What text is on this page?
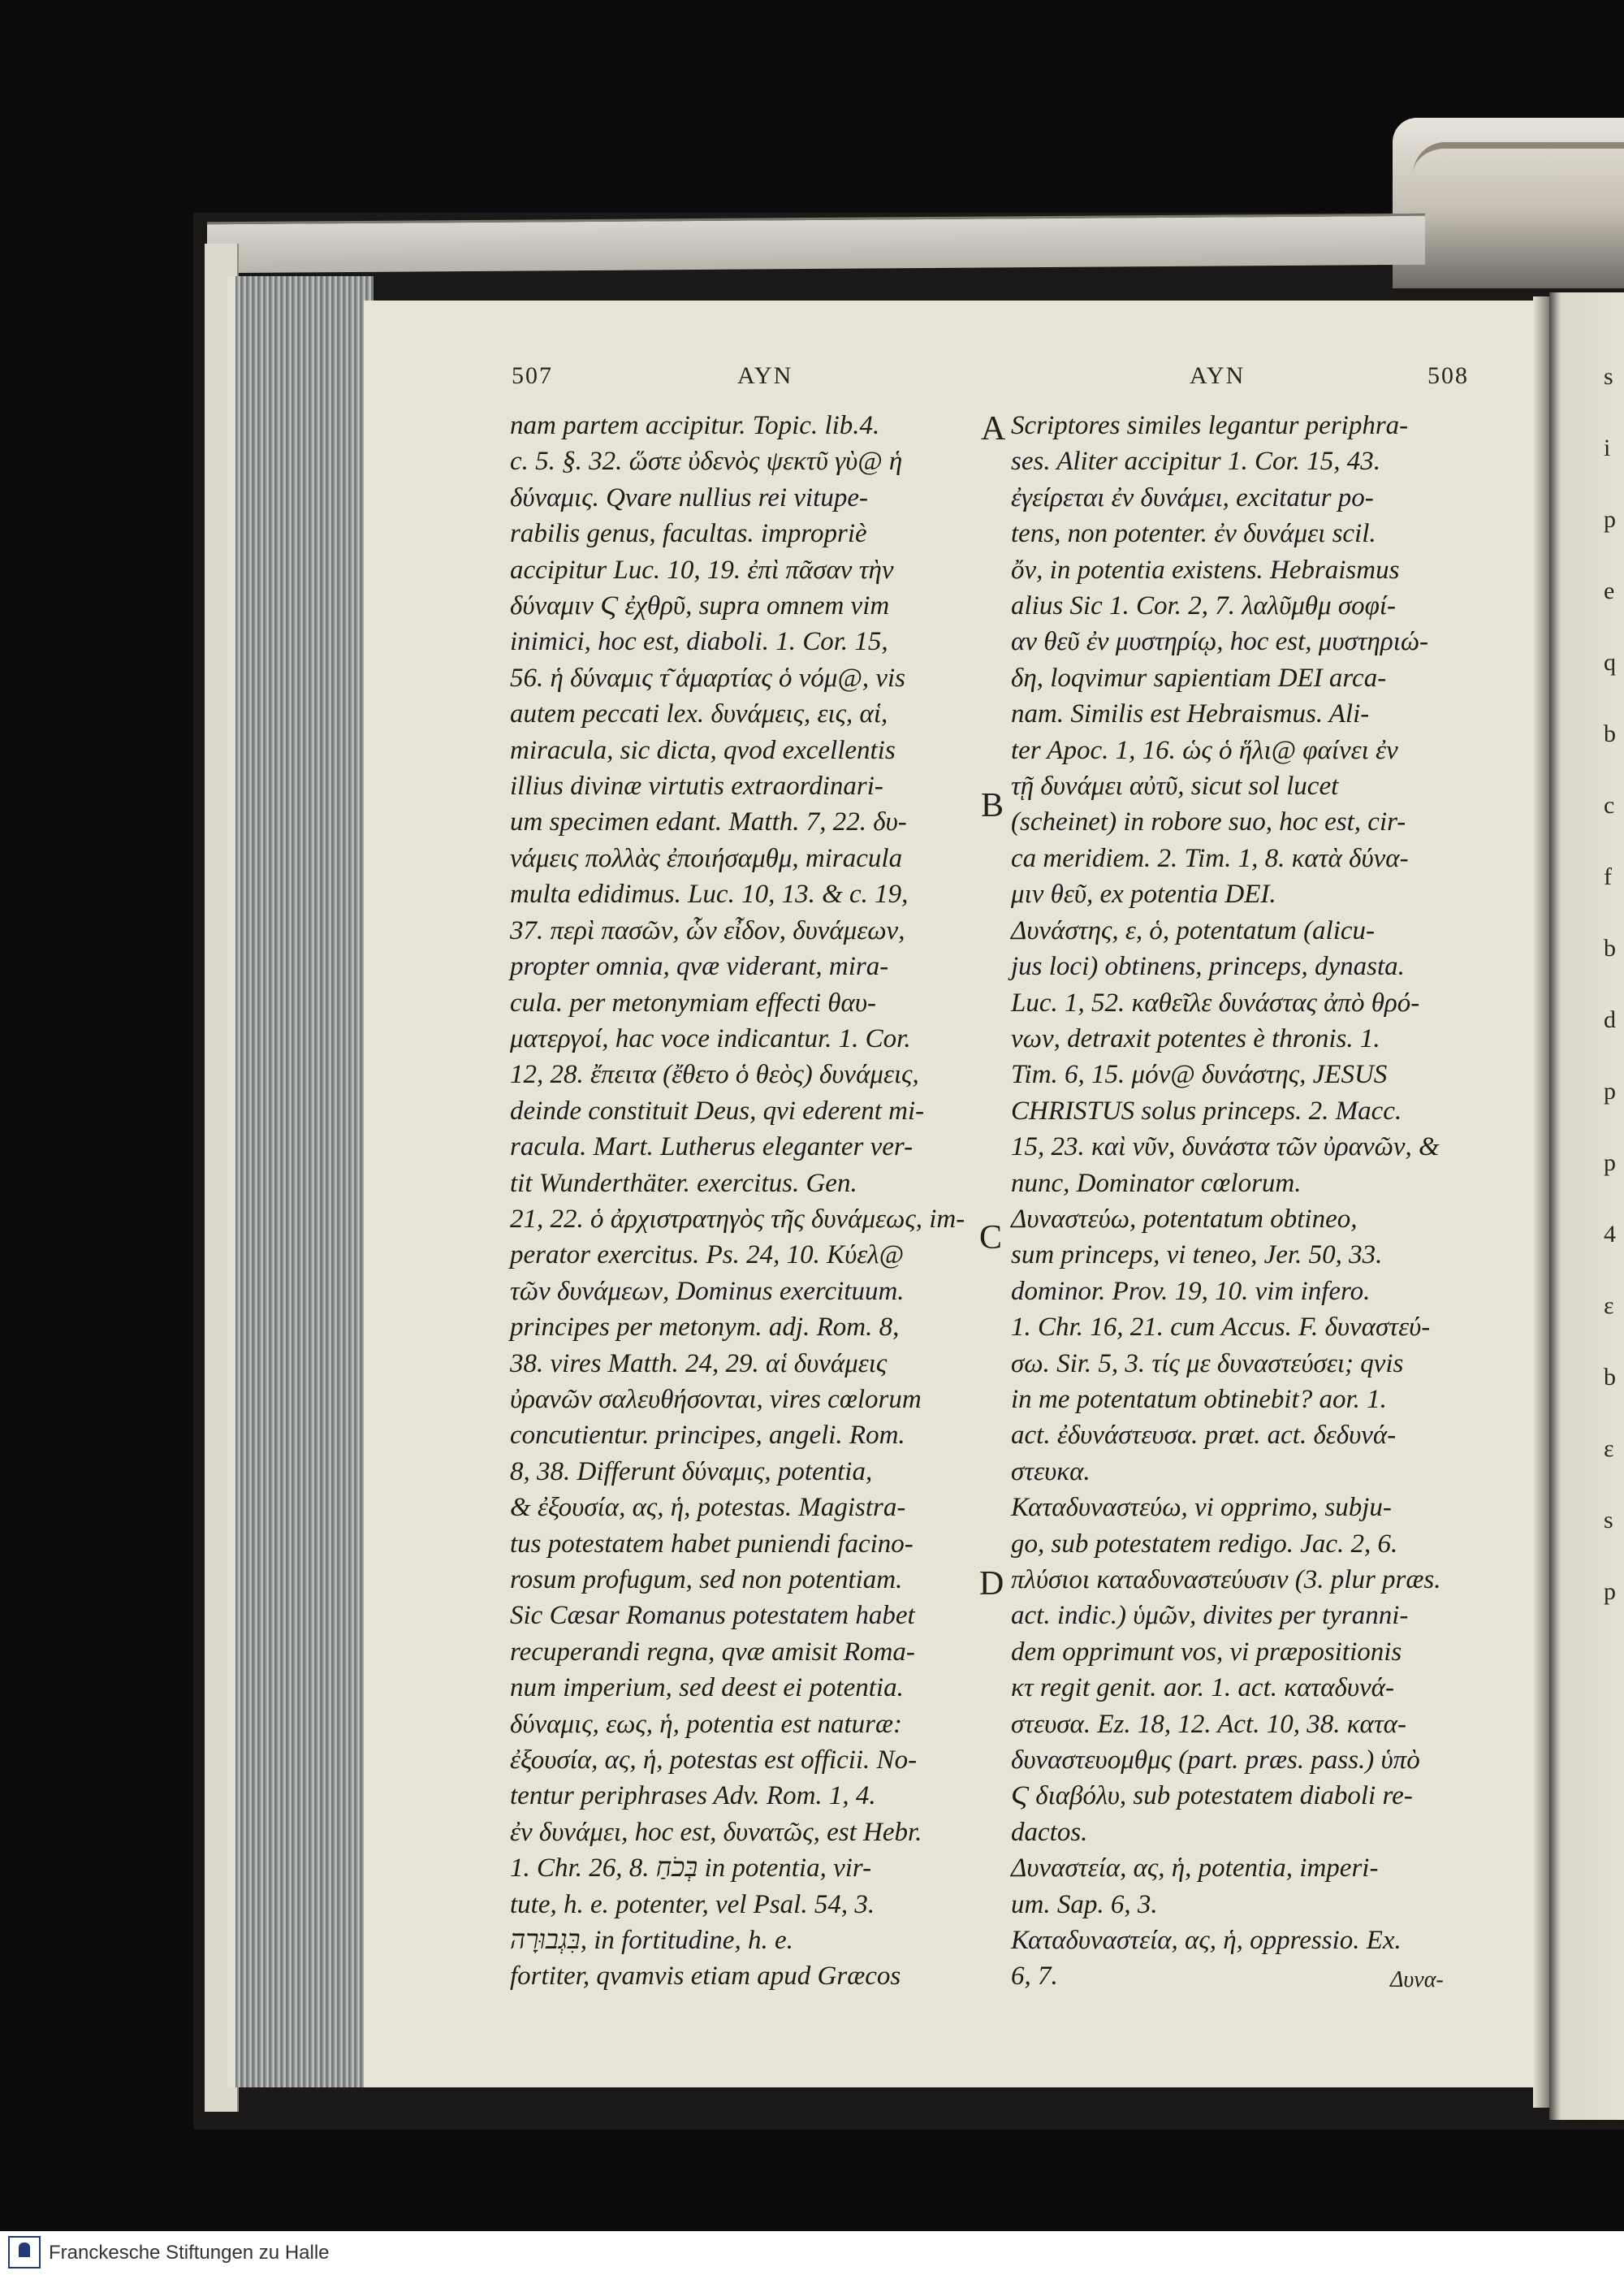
s
i
p
e
q
b
c
f
b
d
p
p
4
ε
b
ε
s
p
507	AYN	AYN	508
nam partem accipitur. Topic. lib.4.
c. 5. §. 32. ὥστε ὐδενὸς ψεκτῦ γὺ@ ἡ
δύναμις. Qvare nullius rei vitupe-
rabilis genus, facultas. impropriè
accipitur Luc. 10, 19. ἐπὶ πᾶσαν τὴν
δύναμιν Ϛ ἐχθρῦ, supra omnem vim
inimici, hoc est, diaboli. 1. Cor. 15,
56. ἡ δύναμις τ͂ ἁμαρτίας ὁ νόμ@, vis
autem peccati lex. δυνάμεις, εις, αἱ,
miracula, sic dicta, qvod excellentis
illius divinæ virtutis extraordinari-
um specimen edant. Matth. 7, 22. δυ-
νάμεις πολλὰς ἐποιήσαμθμ, miracula
multa edidimus. Luc. 10, 13. & c. 19,
37. περὶ πασῶν, ὧν εἶδον, δυνάμεων,
propter omnia, qvæ viderant, mira-
cula. per metonymiam effecti θαυ-
ματεργοί, hac voce indicantur. 1. Cor.
12, 28. ἔπειτα (ἔθετο ὁ θεὸς) δυνάμεις,
deinde constituit Deus, qvi ederent mi-
racula. Mart. Lutherus eleganter ver-
tit Wunderthäter. exercitus. Gen.
21, 22. ὁ ἀρχιστρατηγὸς τῆς δυνάμεως, im-
perator exercitus. Ps. 24, 10. Κύελ@
τῶν δυνάμεων, Dominus exercituum.
principes per metonym. adj. Rom. 8,
38. vires Matth. 24, 29. αἱ δυνάμεις
ὐρανῶν σαλευθήσονται, vires cœlorum
concutientur. principes, angeli. Rom.
8, 38. Differunt δύναμις, potentia,
& ἐξουσία, ας, ἡ, potestas. Magistra-
tus potestatem habet puniendi facino-
rosum profugum, sed non potentiam.
Sic Cæsar Romanus potestatem habet
recuperandi regna, qvæ amisit Roma-
num imperium, sed deest ei potentia.
δύναμις, εως, ἡ, potentia est naturæ:
ἐξουσία, ας, ἡ, potestas est officii. No-
tentur periphrases Adv. Rom. 1, 4.
ἐν δυνάμει, hoc est, δυνατῶς, est Hebr.
1. Chr. 26, 8. בְּכֹחַ in potentia, vir-
tute, h. e. potenter, vel Psal. 54, 3.
בִּגְבוּרָה, in fortitudine, h. e.
fortiter, qvamvis etiam apud Græcos
Scriptores similes legantur periphra-
ses. Aliter accipitur 1. Cor. 15, 43.
ἐγείρεται ἐν δυνάμει, excitatur po-
tens, non potenter. ἐν δυνάμει scil.
ὄν, in potentia existens. Hebraismus
alius Sic 1. Cor. 2, 7. λαλῦμθμ σοφί-
αν θεῦ ἐν μυστηρίῳ, hoc est, μυστηριώ-
δη, loqvimur sapientiam DEI arca-
nam. Similis est Hebraismus. Ali-
ter Apoc. 1, 16. ὡς ὁ ἥλι@ φαίνει ἐν
τῇ δυνάμει αὐτῦ, sicut sol lucet
(scheinet) in robore suo, hoc est, cir-
ca meridiem. 2. Tim. 1, 8. κατὰ δύνα-
μιν θεῦ, ex potentia DEI.
Δυνάστης, ε, ὁ, potentatum (alicu-
jus loci) obtinens, princeps, dynasta.
Luc. 1, 52. καθεῖλε δυνάστας ἀπὸ θρό-
νων, detraxit potentes è thronis. 1.
Tim. 6, 15. μόν@ δυνάστης, JESUS
CHRISTUS solus princeps. 2. Macc.
15, 23. καὶ νῦν, δυνάστα τῶν ὐρανῶν, &
nunc, Dominator cœlorum.
Δυναστεύω, potentatum obtineo,
sum princeps, vi teneo, Jer. 50, 33.
dominor. Prov. 19, 10. vim infero.
1. Chr. 16, 21. cum Accus. F. δυναστεύ-
σω. Sir. 5, 3. τίς με δυναστεύσει; qvis
in me potentatum obtinebit? aor. 1.
act. ἐδυνάστευσα. præt. act. δεδυνά-
στευκα.
Καταδυναστεύω, vi opprimo, subju-
go, sub potestatem redigo. Jac. 2, 6.
πλύσιοι καταδυναστεύυσιν (3. plur præs.
act. indic.) ὑμῶν, divites per tyranni-
dem opprimunt vos, vi præpositionis
κτ regit genit. aor. 1. act. καταδυνά-
στευσα. Ez. 18, 12. Act. 10, 38. κατα-
δυναστευομθμς (part. præs. pass.) ὑπὸ
Ϛ διαβόλυ, sub potestatem diaboli re-
dactos.
Δυναστεία, ας, ἡ, potentia, imperi-
um. Sap. 6, 3.
Καταδυναστεία, ας, ἡ, oppressio. Ex.
6, 7.
A
B
C
D
Δυνα-
Franckesche Stiftungen zu Halle
